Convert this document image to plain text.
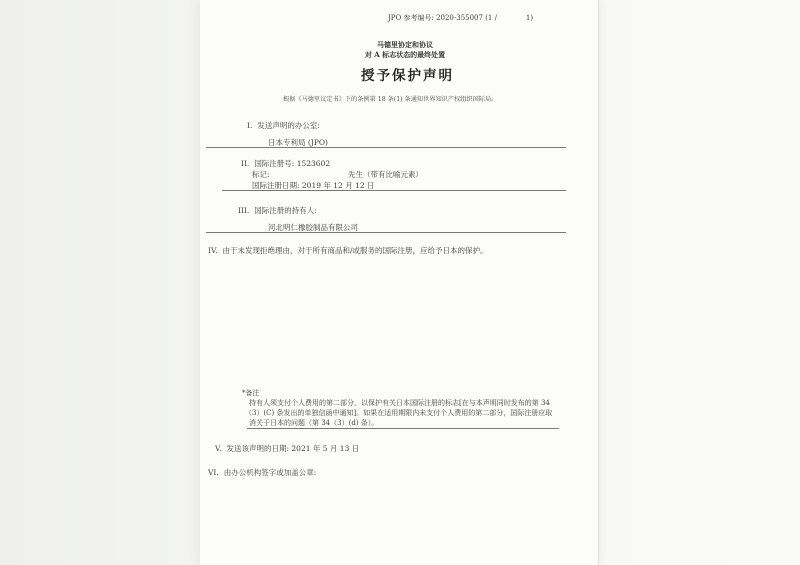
JPO 参考编号: 2020-355007 (1 /             1)
马德里协定和协议
对 A 标志状态的最终处置
授予保护声明
根据《马德里议定书》下的条例第 18 条(1) 条通知世界知识产权组织国际局。
I. 发送声明的办公室:
日本专利局 (JPO)
II. 国际注册号: 1523602
标记:	先生（带有比喻元素）
国际注册日期: 2019 年 12 月 12 日
III. 国际注册的持有人:
河北明仁橡胶制品有限公司
IV. 由于未发现拒绝理由，对于所有商品和/或服务的国际注册，应给予日本的保护。
*备注
持有人须支付个人费用的第二部分，以保护有关日本国际注册的标志[在与本声明同时发布的第 34
（3）(C) 条发出的单独信函中通知]。如果在适用期限内未支付个人费用的第二部分，国际注册应取
消关于日本的问题（第 34（3）(d) 条）。
V. 发送该声明的日期: 2021 年 5 月 13 日
VI. 由办公机构签字或加盖公章:
